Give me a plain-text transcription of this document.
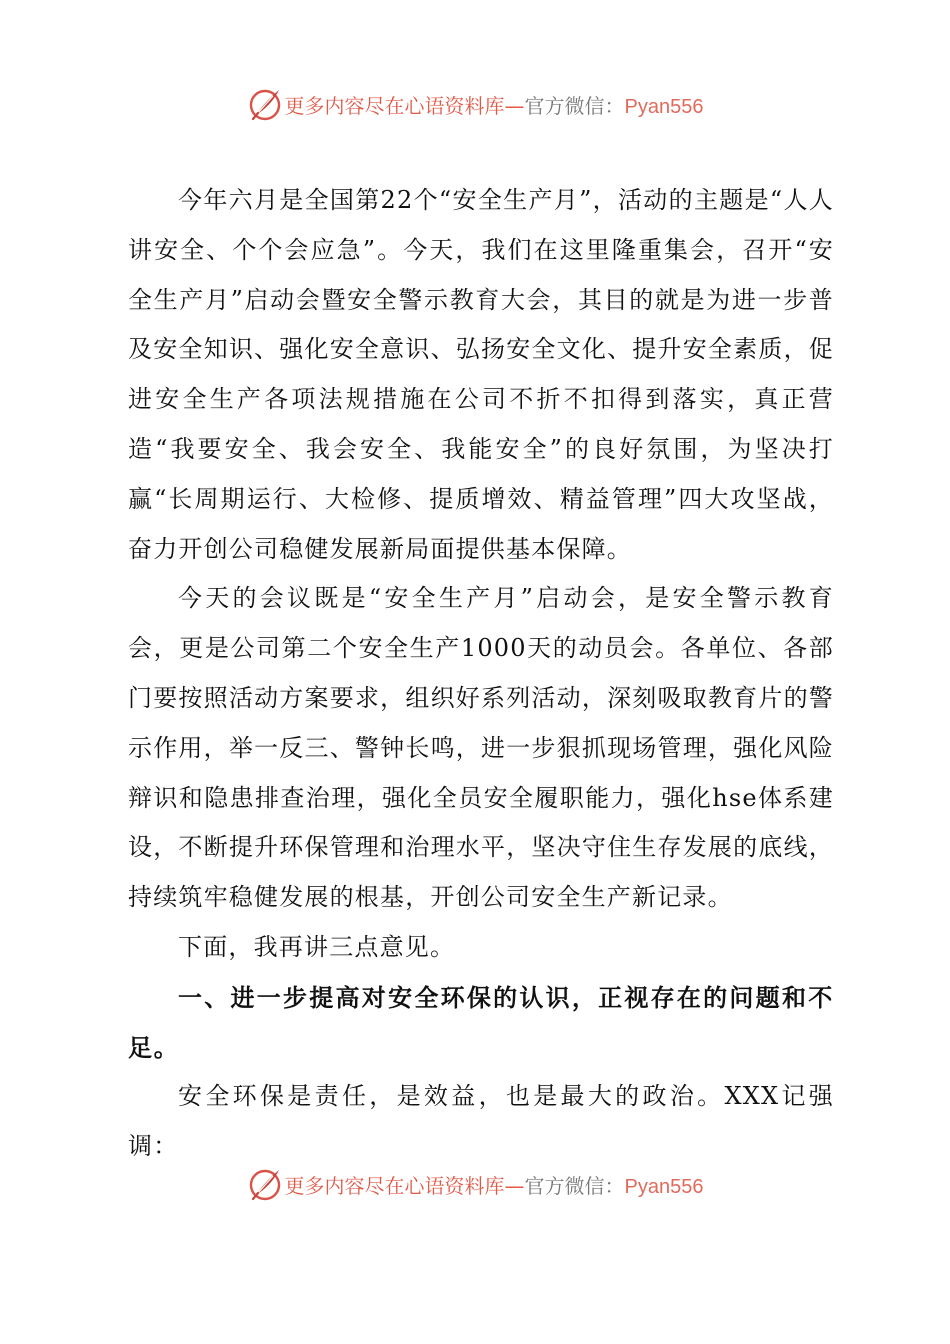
更多内容尽在心语资料库—官方微信：Pyan556

今年六月是全国第22个“安全生产月”，活动的主题是“人人讲安全、个个会应急”。今天，我们在这里隆重集会，召开“安全生产月”启动会暨安全警示教育大会，其目的就是为进一步普及安全知识、强化安全意识、弘扬安全文化、提升安全素质，促进安全生产各项法规措施在公司不折不扣得到落实，真正营造“我要安全、我会安全、我能安全”的良好氛围，为坚决打赢“长周期运行、大检修、提质增效、精益管理”四大攻坚战，奋力开创公司稳健发展新局面提供基本保障。

今天的会议既是“安全生产月”启动会，是安全警示教育会，更是公司第二个安全生产1000天的动员会。各单位、各部门要按照活动方案要求，组织好系列活动，深刻吸取教育片的警示作用，举一反三、警钟长鸣，进一步狠抓现场管理，强化风险辩识和隐患排查治理，强化全员安全履职能力，强化hse体系建设，不断提升环保管理和治理水平，坚决守住生存发展的底线，持续筑牢稳健发展的根基，开创公司安全生产新记录。

下面，我再讲三点意见。

一、进一步提高对安全环保的认识，正视存在的问题和不足。

安全环保是责任，是效益，也是最大的政治。XXX记强调：

更多内容尽在心语资料库—官方微信：Pyan556
